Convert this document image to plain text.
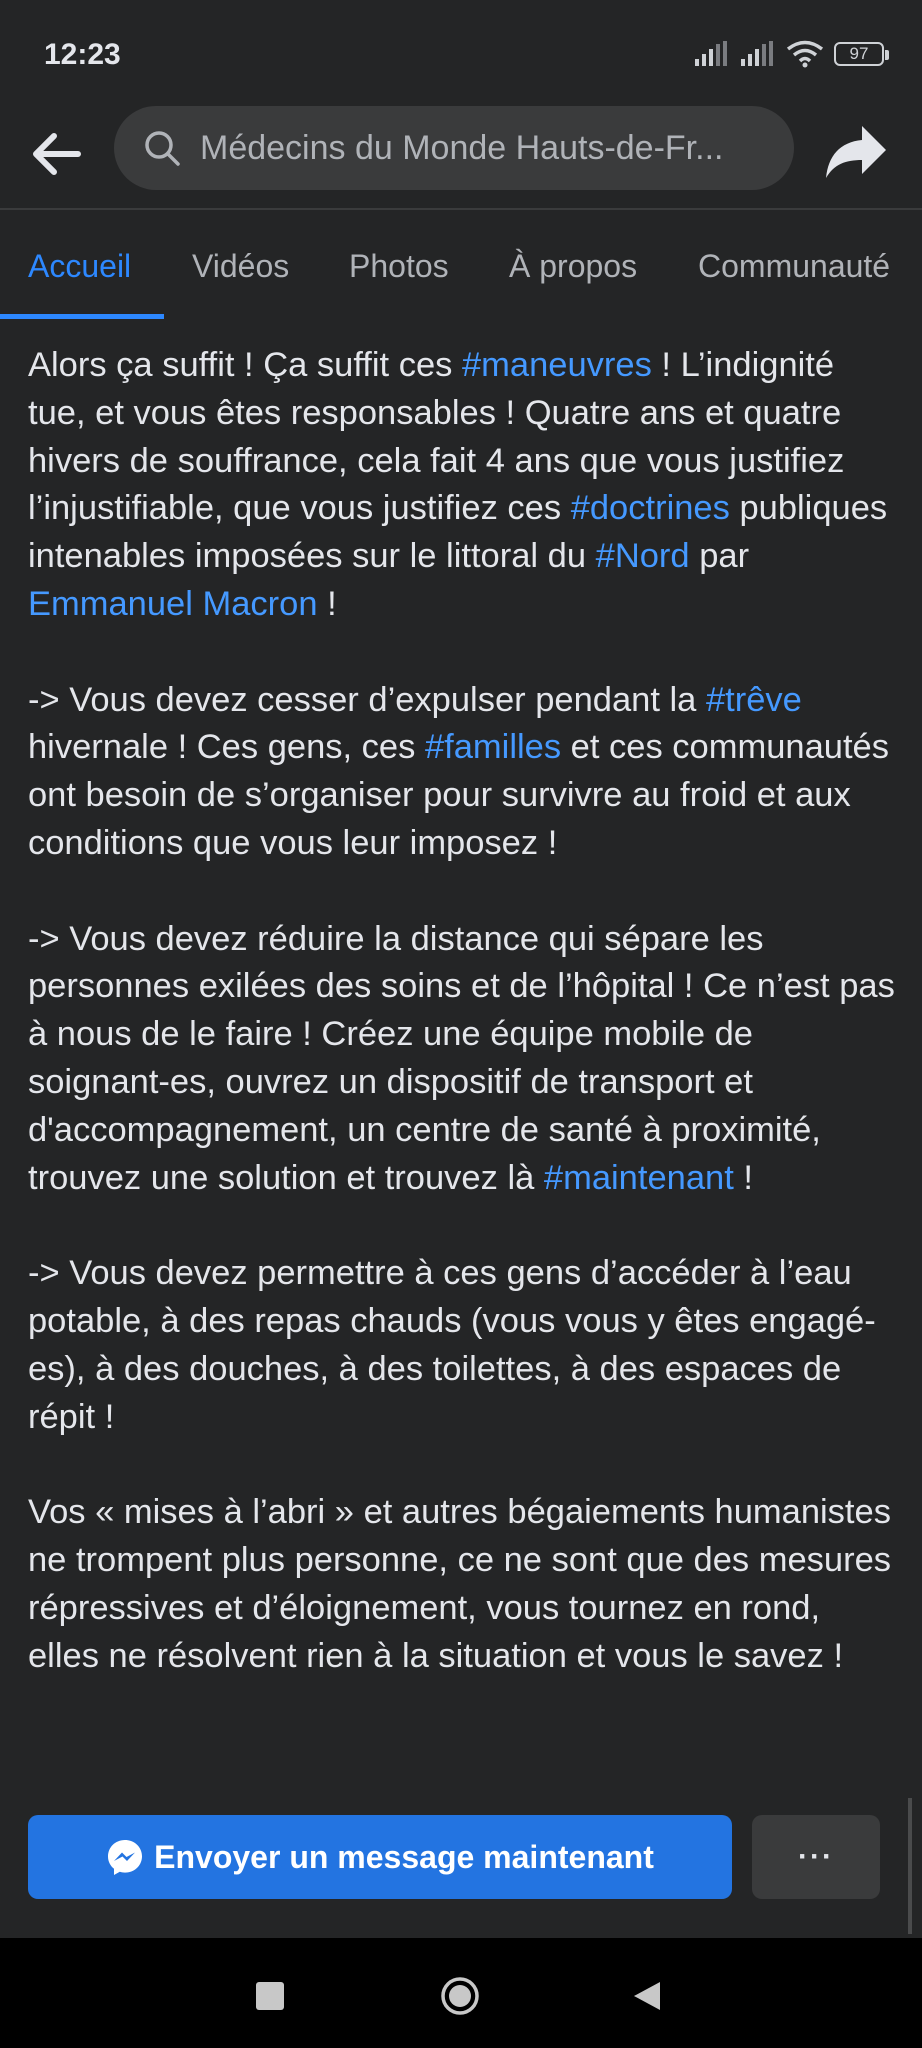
12:23	97
Médecins du Monde Hauts-de-Fr...
Accueil Vidéos Photos À propos Communauté

Alors ça suffit ! Ça suffit ces #maneuvres ! L’indignité tue, et vous êtes responsables ! Quatre ans et quatre hivers de souffrance, cela fait 4 ans que vous justifiez l’injustifiable, que vous justifiez ces #doctrines publiques intenables imposées sur le littoral du #Nord par Emmanuel Macron !

-> Vous devez cesser d’expulser pendant la #trêve hivernale ! Ces gens, ces #familles et ces communautés ont besoin de s’organiser pour survivre au froid et aux conditions que vous leur imposez !

-> Vous devez réduire la distance qui sépare les personnes exilées des soins et de l’hôpital ! Ce n’est pas à nous de le faire ! Créez une équipe mobile de soignant-es, ouvrez un dispositif de transport et d'accompagnement, un centre de santé à proximité, trouvez une solution et trouvez là #maintenant !

-> Vous devez permettre à ces gens d’accéder à l’eau potable, à des repas chauds (vous vous y êtes engagé-es), à des douches, à des toilettes, à des espaces de répit !

Vos « mises à l’abri » et autres bégaiements humanistes ne trompent plus personne, ce ne sont que des mesures répressives et d’éloignement, vous tournez en rond, elles ne résolvent rien à la situation et vous le savez !

Envoyer un message maintenant	···
